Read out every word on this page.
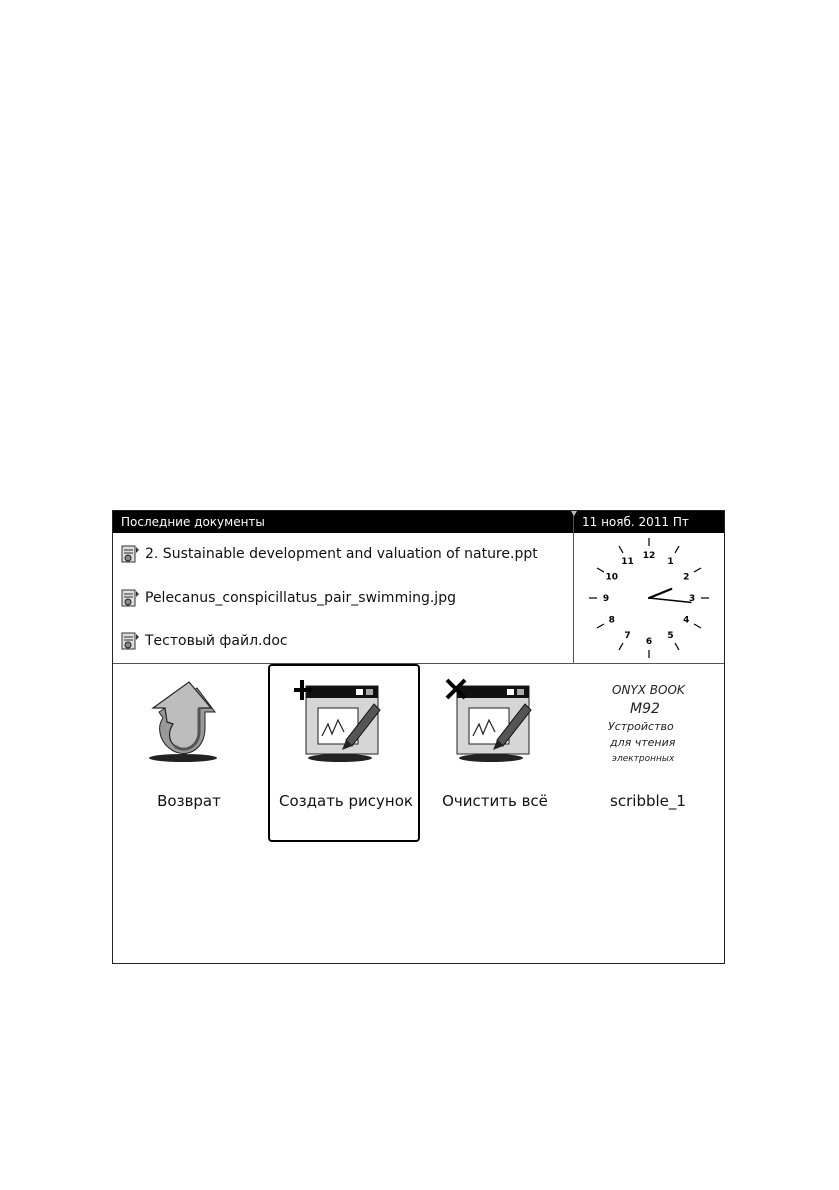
Последние документы
2. Sustainable development and valuation of nature.ppt
Pelecanus_conspicillatus_pair_swimming.jpg
Тестовый файл.doc
11 нояб. 2011 Пт
12
1
2
3
4
5
6
7
8
9
10
11
Возврат	Создать рисунок	Очистить всё
ONYX BOOK
M92
Устройство
для чтения
электронных
scribble_1
